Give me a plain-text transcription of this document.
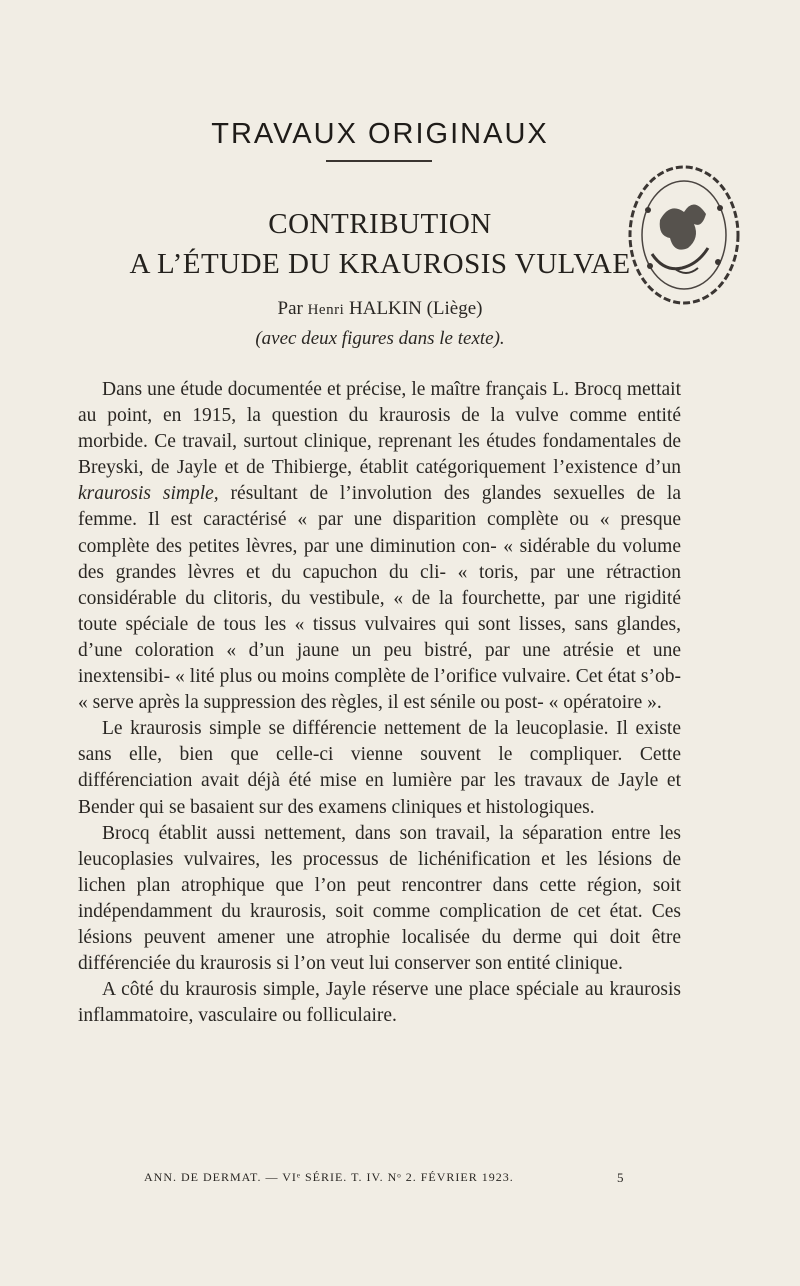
TRAVAUX ORIGINAUX
CONTRIBUTION
A L’ÉTUDE DU KRAUROSIS VULVAE
Par Henri HALKIN (Liège)
(avec deux figures dans le texte).

Dans une étude documentée et précise, le maître français L. Brocq mettait au point, en 1915, la question du kraurosis de la vulve comme entité morbide. Ce travail, surtout clinique, reprenant les études fondamentales de Breyski, de Jayle et de Thibierge, établit catégoriquement l’existence d’un kraurosis simple, résultant de l’involution des glandes sexuelles de la femme. Il est caractérisé « par une disparition complète ou « presque complète des petites lèvres, par une diminution con- « sidérable du volume des grandes lèvres et du capuchon du cli- « toris, par une rétraction considérable du clitoris, du vestibule, « de la fourchette, par une rigidité toute spéciale de tous les « tissus vulvaires qui sont lisses, sans glandes, d’une coloration « d’un jaune un peu bistré, par une atrésie et une inextensibi- « lité plus ou moins complète de l’orifice vulvaire. Cet état s’ob- « serve après la suppression des règles, il est sénile ou post- « opératoire ».

Le kraurosis simple se différencie nettement de la leucoplasie. Il existe sans elle, bien que celle-ci vienne souvent le compliquer. Cette différenciation avait déjà été mise en lumière par les travaux de Jayle et Bender qui se basaient sur des examens cliniques et histologiques.

Brocq établit aussi nettement, dans son travail, la séparation entre les leucoplasies vulvaires, les processus de lichénification et les lésions de lichen plan atrophique que l’on peut rencontrer dans cette région, soit indépendamment du kraurosis, soit comme complication de cet état. Ces lésions peuvent amener une atrophie localisée du derme qui doit être différenciée du kraurosis si l’on veut lui conserver son entité clinique.

A côté du kraurosis simple, Jayle réserve une place spéciale au kraurosis inflammatoire, vasculaire ou folliculaire.

ANN. DE DERMAT. — VIᵉ SÉRIE. T. IV. Nᵒ 2. FÉVRIER 1923.	5
